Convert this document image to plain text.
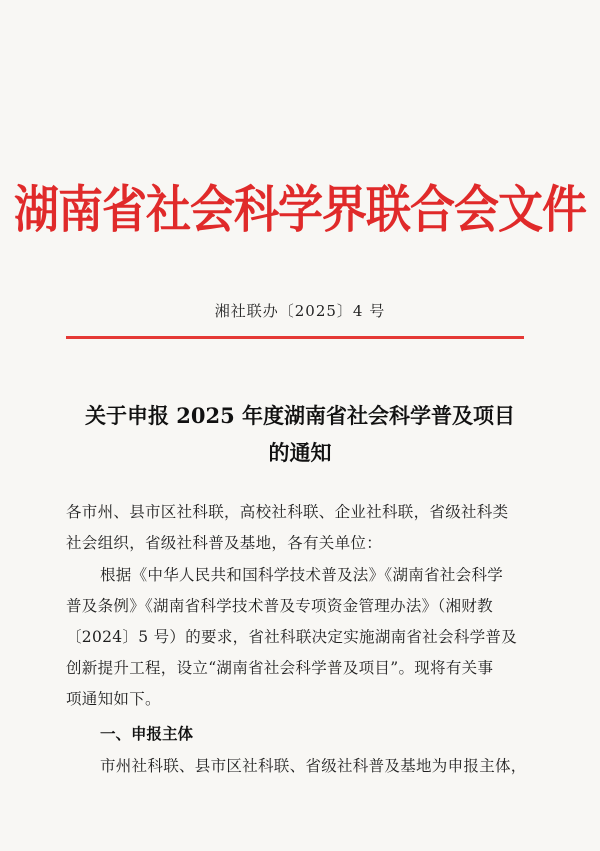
湖南省社会科学界联合会文件
湘社联办〔2025〕4 号
关于申报 2025 年度湖南省社会科学普及项目
的通知
各市州、县市区社科联，高校社科联、企业社科联，省级社科类
社会组织，省级社科普及基地，各有关单位：
根据《中华人民共和国科学技术普及法》《湖南省社会科学
普及条例》《湖南省科学技术普及专项资金管理办法》（湘财教
〔2024〕5 号）的要求，省社科联决定实施湖南省社会科学普及
创新提升工程，设立“湖南省社会科学普及项目”。现将有关事
项通知如下。
一、申报主体
市州社科联、县市区社科联、省级社科普及基地为申报主体，
